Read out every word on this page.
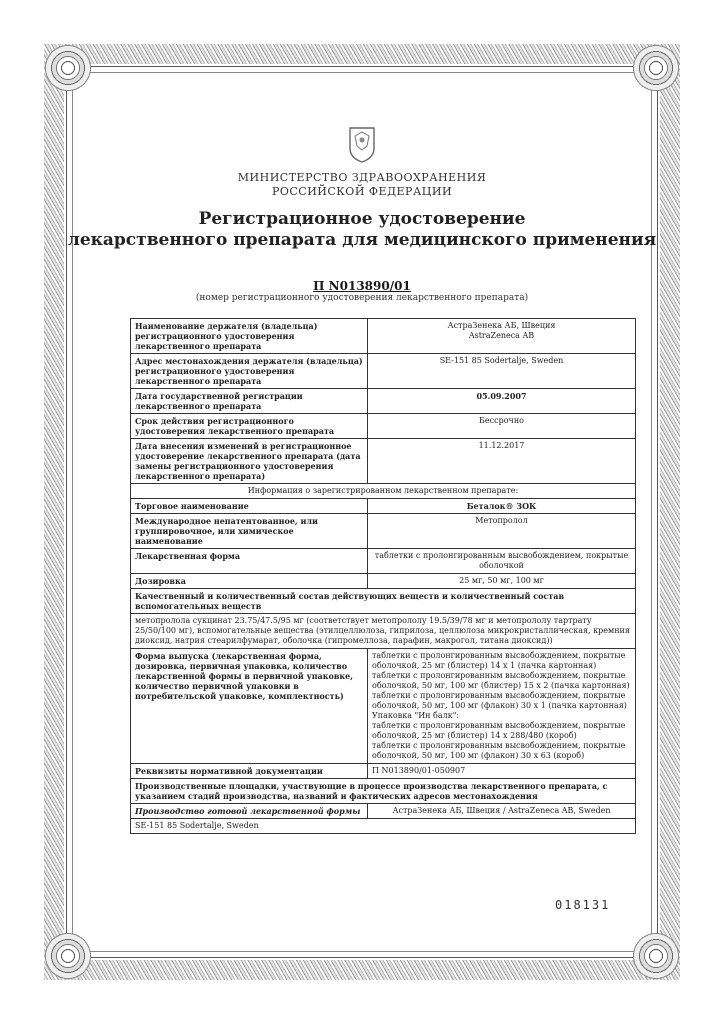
МИНИСТЕРСТВО ЗДРАВООХРАНЕНИЯ
РОССИЙСКОЙ ФЕДЕРАЦИИ
Регистрационное удостоверение
лекарственного препарата для медицинского применения
П N013890/01
(номер регистрационного удостоверения лекарственного препарата)
Наименование держателя (владельца) регистрационного удостоверения лекарственного препарата	АстраЗенека АБ, Швеция
AstraZeneca AB

Адрес местонахождения держателя (владельца) регистрационного удостоверения лекарственного препарата	SE-151 85 Sodertalje, Sweden
Дата государственной регистрации лекарственного препарата	05.09.2007
Срок действия регистрационного удостоверения лекарственного препарата	Бессрочно
Дата внесения изменений в регистрационное удостоверение лекарственного препарата (дата замены регистрационного удостоверения лекарственного препарата)	11.12.2017
Информация о зарегистрированном лекарственном препарате:	
Торговое наименование	Беталок® ЗОК
Международное непатентованное, или группировочное, или химическое наименование	Метопролол
Лекарственная форма	таблетки с пролонгированным высвобождением, покрытые оболочкой
Дозировка	25 мг, 50 мг, 100 мг
Качественный и количественный состав действующих веществ и количественный состав вспомогательных веществ	
метопролола сукцинат 23.75/47.5/95 мг (соответствует метопрололу 19.5/39/78 мг и метопрололу тартрату 25/50/100 мг), вспомогательные вещества (этилцеллюлоза, гиприлоза, целлюлоза микрокристаллическая, кремния диоксид, натрия стеарилфумарат, оболочка (гипромеллоза, парафин, макрогол, титана диоксид))	
Форма выпуска (лекарственная форма, дозировка, первичная упаковка, количество лекарственной формы в первичной упаковке, количество первичной упаковки в потребительской упаковке, комплектность)	таблетки с пролонгированным высвобождением, покрытые оболочкой, 25 мг (блистер) 14 x 1 (пачка картонная)
таблетки с пролонгированным высвобождением, покрытые оболочкой, 50 мг, 100 мг (блистер) 15 x 2 (пачка картонная)
таблетки с пролонгированным высвобождением, покрытые оболочкой, 50 мг, 100 мг (флакон) 30 x 1 (пачка картонная) Упаковка "Ин балк":
таблетки с пролонгированным высвобождением, покрытые оболочкой, 25 мг (блистер) 14 x 288/480 (короб)
таблетки с пролонгированным высвобождением, покрытые оболочкой, 50 мг, 100 мг (флакон) 30 x 63 (короб)

Реквизиты нормативной документации	П N013890/01-050907
Производственные площадки, участвующие в процессе производства лекарственного препарата, с указанием стадий производства, названий и фактических адресов местонахождения	
Производство готовой лекарственной формы	АстраЗенека АБ, Швеция / AstraZeneca AB, Sweden
SE-151 85 Sodertalje, Sweden	
018131
